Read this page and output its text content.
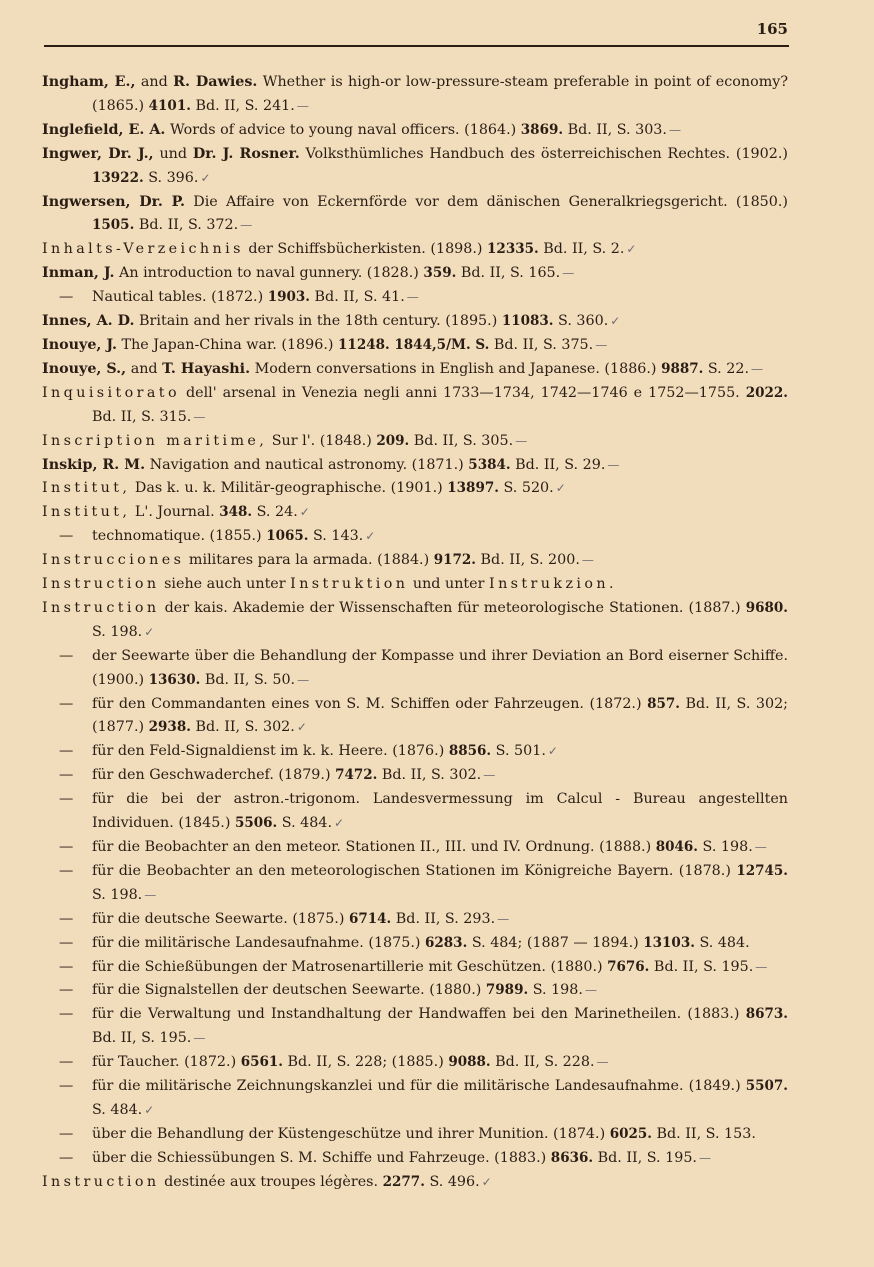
165
Ingham, E., and R. Dawies. Whether is high-or low-pressure-steam preferable in point of economy? (1865.) 4101. Bd. II, S. 241. —
Inglefield, E. A. Words of advice to young naval officers. (1864.) 3869. Bd. II, S. 303. —
Ingwer, Dr. J., und Dr. J. Rosner. Volksthümliches Handbuch des österreichischen Rechtes. (1902.) 13922. S. 396. ✓
Ingwersen, Dr. P. Die Affaire von Eckernförde vor dem dänischen Generalkriegsgericht. (1850.) 1505. Bd. II, S. 372. —
Inhalts-Verzeichnis der Schiffsbücherkisten. (1898.) 12335. Bd. II, S. 2. ✓
Inman, J. An introduction to naval gunnery. (1828.) 359. Bd. II, S. 165. —
— Nautical tables. (1872.) 1903. Bd. II, S. 41. —
Innes, A. D. Britain and her rivals in the 18th century. (1895.) 11083. S. 360. ✓
Inouye, J. The Japan-China war. (1896.) 11248. 1844,5/M. S. Bd. II, S. 375. —
Inouye, S., and T. Hayashi. Modern conversations in English and Japanese. (1886.) 9887. S. 22. —
Inquisitorato dell' arsenal in Venezia negli anni 1733—1734, 1742—1746 e 1752—1755. 2022. Bd. II, S. 315. —
Inscription maritime, Sur l'. (1848.) 209. Bd. II, S. 305. —
Inskip, R. M. Navigation and nautical astronomy. (1871.) 5384. Bd. II, S. 29. —
Institut, Das k. u. k. Militär-geographische. (1901.) 13897. S. 520. ✓
Institut, L'. Journal. 348. S. 24. ✓
— technomatique. (1855.) 1065. S. 143. ✓
Instrucciones militares para la armada. (1884.) 9172. Bd. II, S. 200. —
Instruction siehe auch unter Instruktion und unter Instrukzion.
Instruction der kais. Akademie der Wissenschaften für meteorologische Stationen. (1887.) 9680. S. 198. ✓
— der Seewarte über die Behandlung der Kompasse und ihrer Deviation an Bord eiserner Schiffe. (1900.) 13630. Bd. II, S. 50. —
— für den Commandanten eines von S. M. Schiffen oder Fahrzeugen. (1872.) 857. Bd. II, S. 302; (1877.) 2938. Bd. II, S. 302. ✓
— für den Feld-Signaldienst im k. k. Heere. (1876.) 8856. S. 501. ✓
— für den Geschwaderchef. (1879.) 7472. Bd. II, S. 302. —
— für die bei der astron.-trigonom. Landesvermessung im Calcul - Bureau angestellten Individuen. (1845.) 5506. S. 484. ✓
— für die Beobachter an den meteor. Stationen II., III. und IV. Ordnung. (1888.) 8046. S. 198. —
— für die Beobachter an den meteorologischen Stationen im Königreiche Bayern. (1878.) 12745. S. 198. —
— für die deutsche Seewarte. (1875.) 6714. Bd. II, S. 293. —
— für die militärische Landesaufnahme. (1875.) 6283. S. 484; (1887 — 1894.) 13103. S. 484.
— für die Schießübungen der Matrosenartillerie mit Geschützen. (1880.) 7676. Bd. II, S. 195. —
— für die Signalstellen der deutschen Seewarte. (1880.) 7989. S. 198. —
— für die Verwaltung und Instandhaltung der Handwaffen bei den Marinetheilen. (1883.) 8673. Bd. II, S. 195. —
— für Taucher. (1872.) 6561. Bd. II, S. 228; (1885.) 9088. Bd. II, S. 228. —
— für die militärische Zeichnungskanzlei und für die militärische Landesaufnahme. (1849.) 5507. S. 484. ✓
— über die Behandlung der Küstengeschütze und ihrer Munition. (1874.) 6025. Bd. II, S. 153.
— über die Schiessübungen S. M. Schiffe und Fahrzeuge. (1883.) 8636. Bd. II, S. 195. —
Instruction destinée aux troupes légères. 2277. S. 496. ✓
